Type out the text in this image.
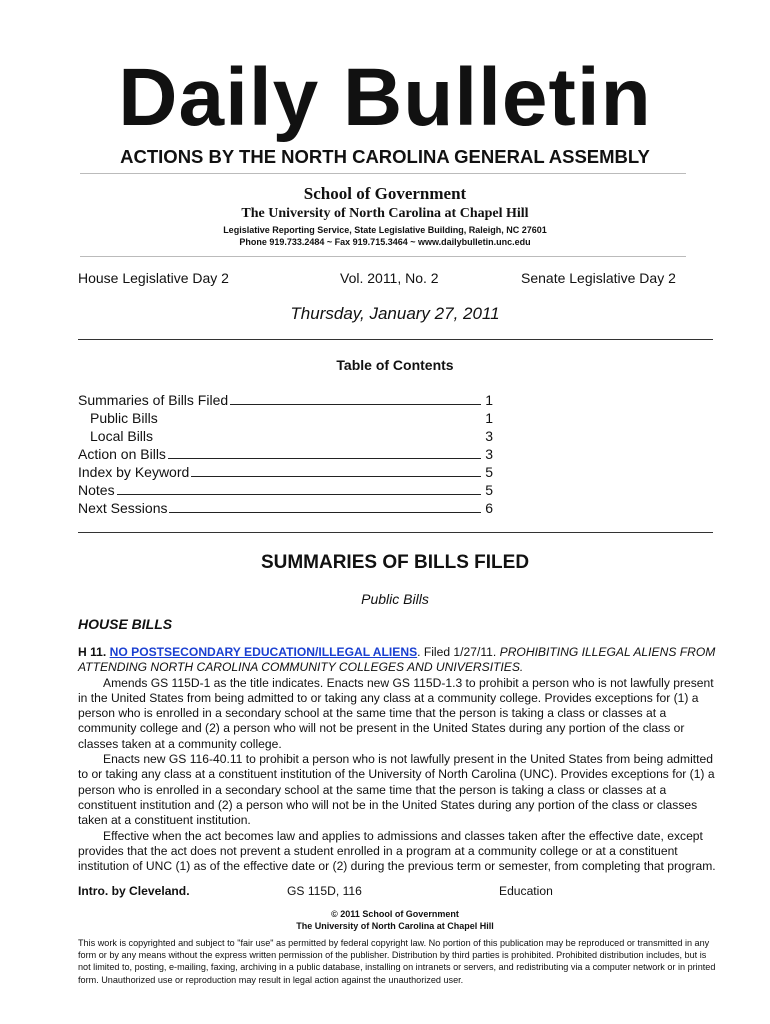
Daily Bulletin
ACTIONS BY THE NORTH CAROLINA GENERAL ASSEMBLY
School of Government
The University of North Carolina at Chapel Hill
Legislative Reporting Service, State Legislative Building, Raleigh, NC 27601
Phone 919.733.2484 ~ Fax 919.715.3464 ~ www.dailybulletin.unc.edu
House Legislative Day 2	Vol. 2011, No. 2	Senate Legislative Day 2
Thursday, January 27, 2011
Table of Contents
Summaries of Bills Filed	1
Public Bills	1
Local Bills	3
Action on Bills	3
Index by Keyword	5
Notes	5
Next Sessions	6
SUMMARIES OF BILLS FILED
Public Bills
HOUSE BILLS

H 11. NO POSTSECONDARY EDUCATION/ILLEGAL ALIENS. Filed 1/27/11. PROHIBITING ILLEGAL ALIENS FROM ATTENDING NORTH CAROLINA COMMUNITY COLLEGES AND UNIVERSITIES.

Amends GS 115D-1 as the title indicates. Enacts new GS 115D-1.3 to prohibit a person who is not lawfully present in the United States from being admitted to or taking any class at a community college. Provides exceptions for (1) a person who is enrolled in a secondary school at the same time that the person is taking a class or classes at a community college and (2) a person who will not be present in the United States during any portion of the class or classes taken at a community college.

Enacts new GS 116-40.11 to prohibit a person who is not lawfully present in the United States from being admitted to or taking any class at a constituent institution of the University of North Carolina (UNC). Provides exceptions for (1) a person who is enrolled in a secondary school at the same time that the person is taking a class or classes at a constituent institution and (2) a person who will not be in the United States during any portion of the class or classes taken at a constituent institution.

Effective when the act becomes law and applies to admissions and classes taken after the effective date, except provides that the act does not prevent a student enrolled in a program at a community college or at a constituent institution of UNC (1) as of the effective date or (2) during the previous term or semester, from completing that program.

Intro. by Cleveland.	GS 115D, 116	Education
© 2011 School of Government
The University of North Carolina at Chapel Hill
This work is copyrighted and subject to "fair use" as permitted by federal copyright law. No portion of this publication may be reproduced or transmitted in any form or by any means without the express written permission of the publisher. Distribution by third parties is prohibited. Prohibited distribution includes, but is not limited to, posting, e-mailing, faxing, archiving in a public database, installing on intranets or servers, and redistributing via a computer network or in printed form. Unauthorized use or reproduction may result in legal action against the unauthorized user.
